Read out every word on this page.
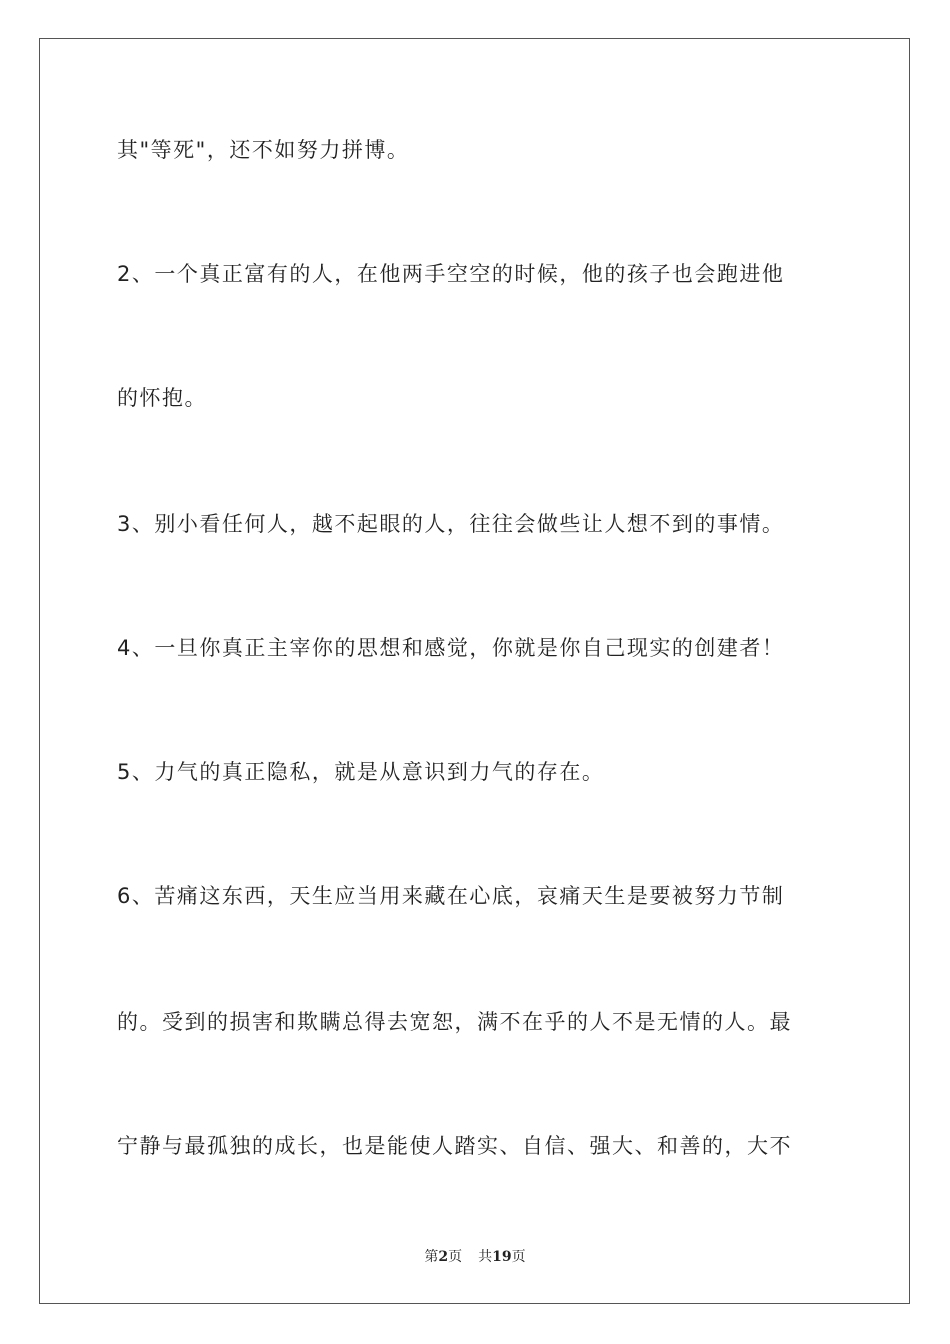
其"等死"，还不如努力拼博。
2、一个真正富有的人，在他两手空空的时候，他的孩子也会跑进他
的怀抱。
3、别小看任何人，越不起眼的人，往往会做些让人想不到的事情。
4、一旦你真正主宰你的思想和感觉，你就是你自己现实的创建者！
5、力气的真正隐私，就是从意识到力气的存在。
6、苦痛这东西，天生应当用来藏在心底，哀痛天生是要被努力节制
的。受到的损害和欺瞒总得去宽恕，满不在乎的人不是无情的人。最
宁静与最孤独的成长，也是能使人踏实、自信、强大、和善的，大不
第2页 共19页
